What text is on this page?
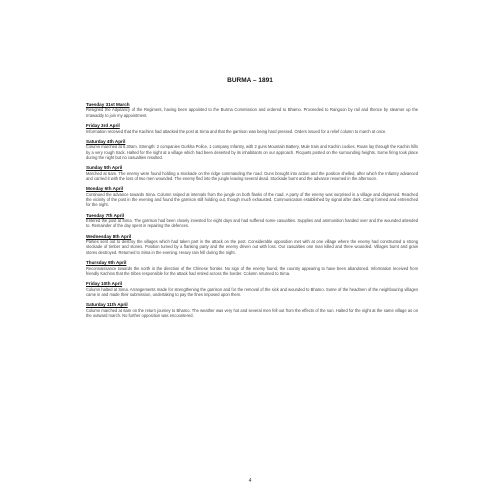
BURMA – 1891
Tuesday 31st March
Resigned the Adjutancy of the Regiment, having been appointed to the Burma Commission and ordered to Bhamo. Proceeded to Rangoon by rail and thence by steamer up the Irrawaddy to join my appointment.
Friday 3rd April
Information received that the Kachins had attacked the post at Sima and that the garrison was being hard pressed. Orders issued for a relief column to march at once.
Saturday 4th April
Column marched at 6.30am. Strength: 2 companies Gurkha Police, 1 company Infantry, with 2 guns Mountain Battery, Mule train and Kachin coolies. Route lay through the Kachin hills by a very rough track. Halted for the night at a village which had been deserted by its inhabitants on our approach. Picquets posted on the surrounding heights. Some firing took place during the night but no casualties resulted.
Sunday 5th April
Marched at 6am. The enemy were found holding a stockade on the ridge commanding the road. Guns brought into action and the position shelled, after which the Infantry advanced and carried it with the loss of two men wounded. The enemy fled into the jungle leaving several dead. Stockade burnt and the advance resumed in the afternoon.
Monday 6th April
Continued the advance towards Sima. Column sniped at intervals from the jungle on both flanks of the road. A party of the enemy was surprised in a village and dispersed. Reached the vicinity of the post in the evening and found the garrison still holding out, though much exhausted. Communication established by signal after dark. Camp formed and entrenched for the night.
Tuesday 7th April
Entered the post at Sima. The garrison had been closely invested for eight days and had suffered some casualties. Supplies and ammunition handed over and the wounded attended to. Remainder of the day spent in repairing the defences.
Wednesday 8th April
Parties sent out to destroy the villages which had taken part in the attack on the post. Considerable opposition met with at one village where the enemy had constructed a strong stockade of timber and stones. Position turned by a flanking party and the enemy driven out with loss. Our casualties one man killed and three wounded. Villages burnt and grain stores destroyed. Returned to Sima in the evening. Heavy rain fell during the night.
Thursday 9th April
Reconnaissance towards the north in the direction of the Chinese frontier. No sign of the enemy found, the country appearing to have been abandoned. Information received from friendly Kachins that the tribes responsible for the attack had retired across the border. Column returned to Sima.
Friday 10th April
Column halted at Sima. Arrangements made for strengthening the garrison and for the removal of the sick and wounded to Bhamo. Some of the headmen of the neighbouring villages came in and made their submission, undertaking to pay the fines imposed upon them.
Saturday 11th April
Column marched at 6am on the return journey to Bhamo. The weather was very hot and several men fell out from the effects of the sun. Halted for the night at the same village as on the outward march. No further opposition was encountered.
4
